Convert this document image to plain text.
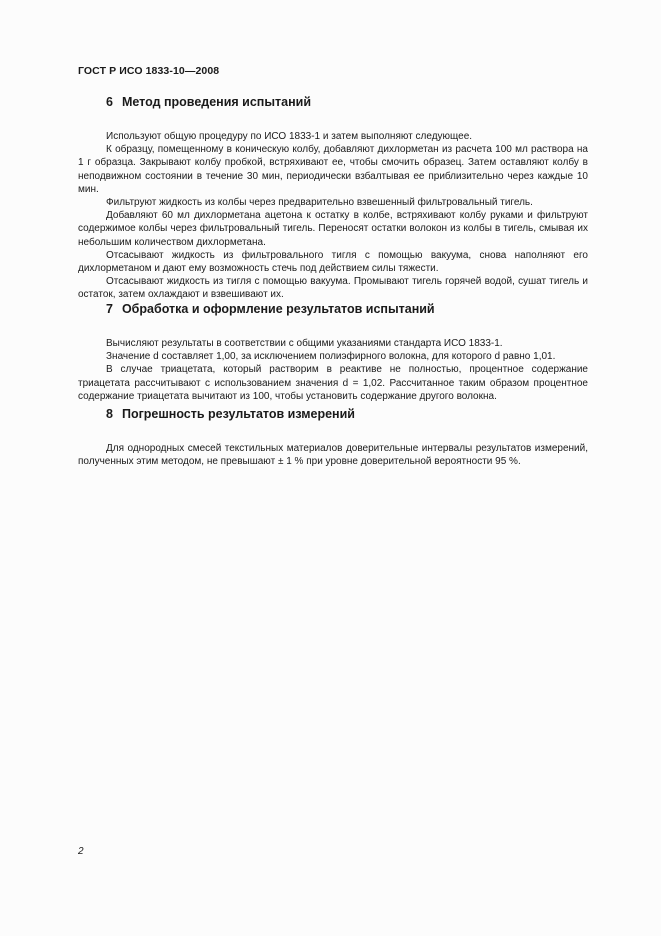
ГОСТ Р ИСО 1833-10—2008
6 Метод проведения испытаний

Используют общую процедуру по ИСО 1833-1 и затем выполняют следующее.

К образцу, помещенному в коническую колбу, добавляют дихлорметан из расчета 100 мл раствора на 1 г образца. Закрывают колбу пробкой, встряхивают ее, чтобы смочить образец. Затем оставляют колбу в неподвижном состоянии в течение 30 мин, периодически взбалтывая ее приблизительно через каждые 10 мин.

Фильтруют жидкость из колбы через предварительно взвешенный фильтровальный тигель.

Добавляют 60 мл дихлорметана ацетона к остатку в колбе, встряхивают колбу руками и фильтруют содержимое колбы через фильтровальный тигель. Переносят остатки волокон из колбы в тигель, смывая их небольшим количеством дихлорметана.

Отсасывают жидкость из фильтровального тигля с помощью вакуума, снова наполняют его дихлорметаном и дают ему возможность стечь под действием силы тяжести.

Отсасывают жидкость из тигля с помощью вакуума. Промывают тигель горячей водой, сушат тигель и остаток, затем охлаждают и взвешивают их.

7 Обработка и оформление результатов испытаний

Вычисляют результаты в соответствии с общими указаниями стандарта ИСО 1833-1.

Значение d составляет 1,00, за исключением полиэфирного волокна, для которого d равно 1,01.

В случае триацетата, который растворим в реактиве не полностью, процентное содержание триацетата рассчитывают с использованием значения d = 1,02. Рассчитанное таким образом процентное содержание триацетата вычитают из 100, чтобы установить содержание другого волокна.

8 Погрешность результатов измерений

Для однородных смесей текстильных материалов доверительные интервалы результатов измерений, полученных этим методом, не превышают ± 1 % при уровне доверительной вероятности 95 %.

2
